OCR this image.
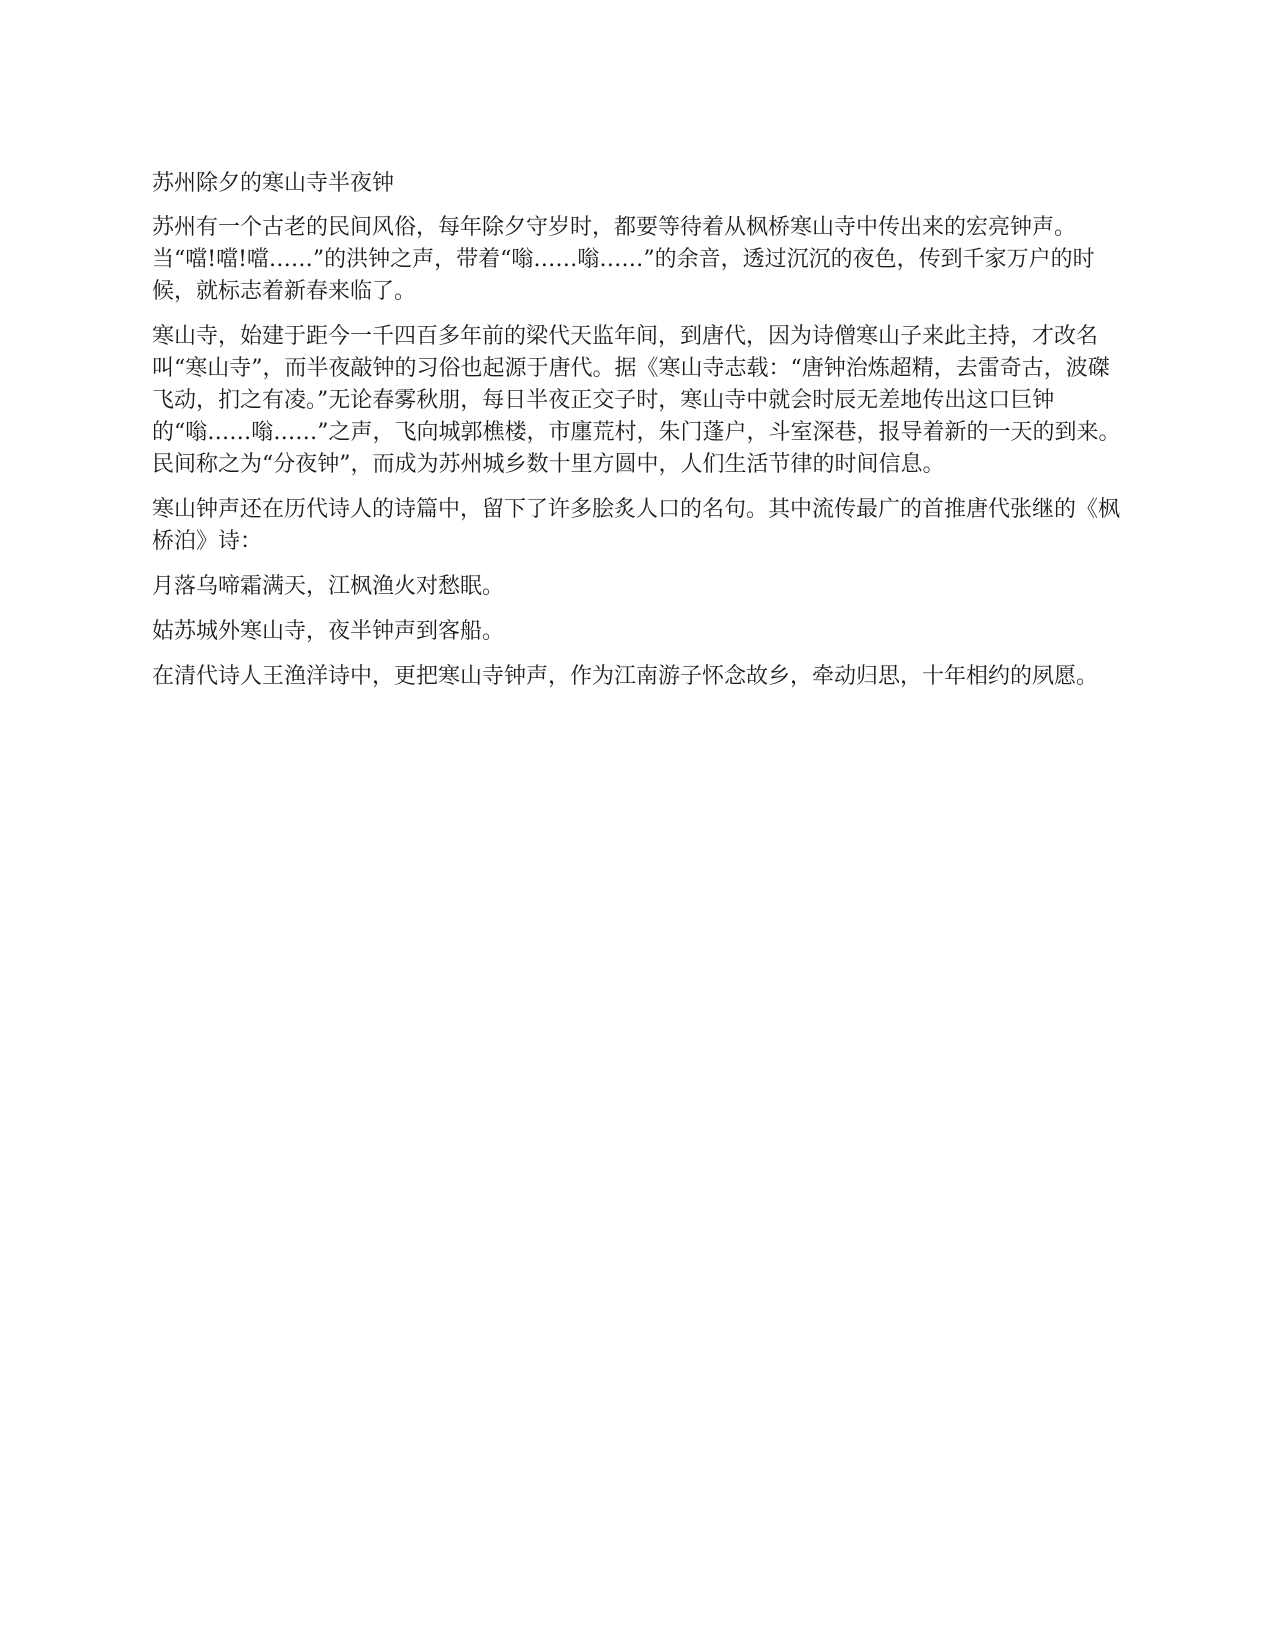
苏州除夕的寒山寺半夜钟

苏州有一个古老的民间风俗，每年除夕守岁时，都要等待着从枫桥寒山寺中传出来的宏亮钟声。当“噹!噹!噹……”的洪钟之声，带着“嗡……嗡……”的余音，透过沉沉的夜色，传到千家万户的时候，就标志着新春来临了。

寒山寺，始建于距今一千四百多年前的梁代天监年间，到唐代，因为诗僧寒山子来此主持，才改名叫“寒山寺”，而半夜敲钟的习俗也起源于唐代。据《寒山寺志载：“唐钟治炼超精，去雷奇古，波磔飞动，扪之有凌。”无论春雾秋朋，每日半夜正交子时，寒山寺中就会时辰无差地传出这口巨钟的“嗡……嗡……”之声，飞向城郭樵楼，市廛荒村，朱门蓬户，斗室深巷，报导着新的一天的到来。民间称之为“分夜钟”，而成为苏州城乡数十里方圆中，人们生活节律的时间信息。

寒山钟声还在历代诗人的诗篇中，留下了许多脍炙人口的名句。其中流传最广的首推唐代张继的《枫桥泊》诗：

月落乌啼霜满天，江枫渔火对愁眠。

姑苏城外寒山寺，夜半钟声到客船。

在清代诗人王渔洋诗中，更把寒山寺钟声，作为江南游子怀念故乡，牵动归思，十年相约的夙愿。
